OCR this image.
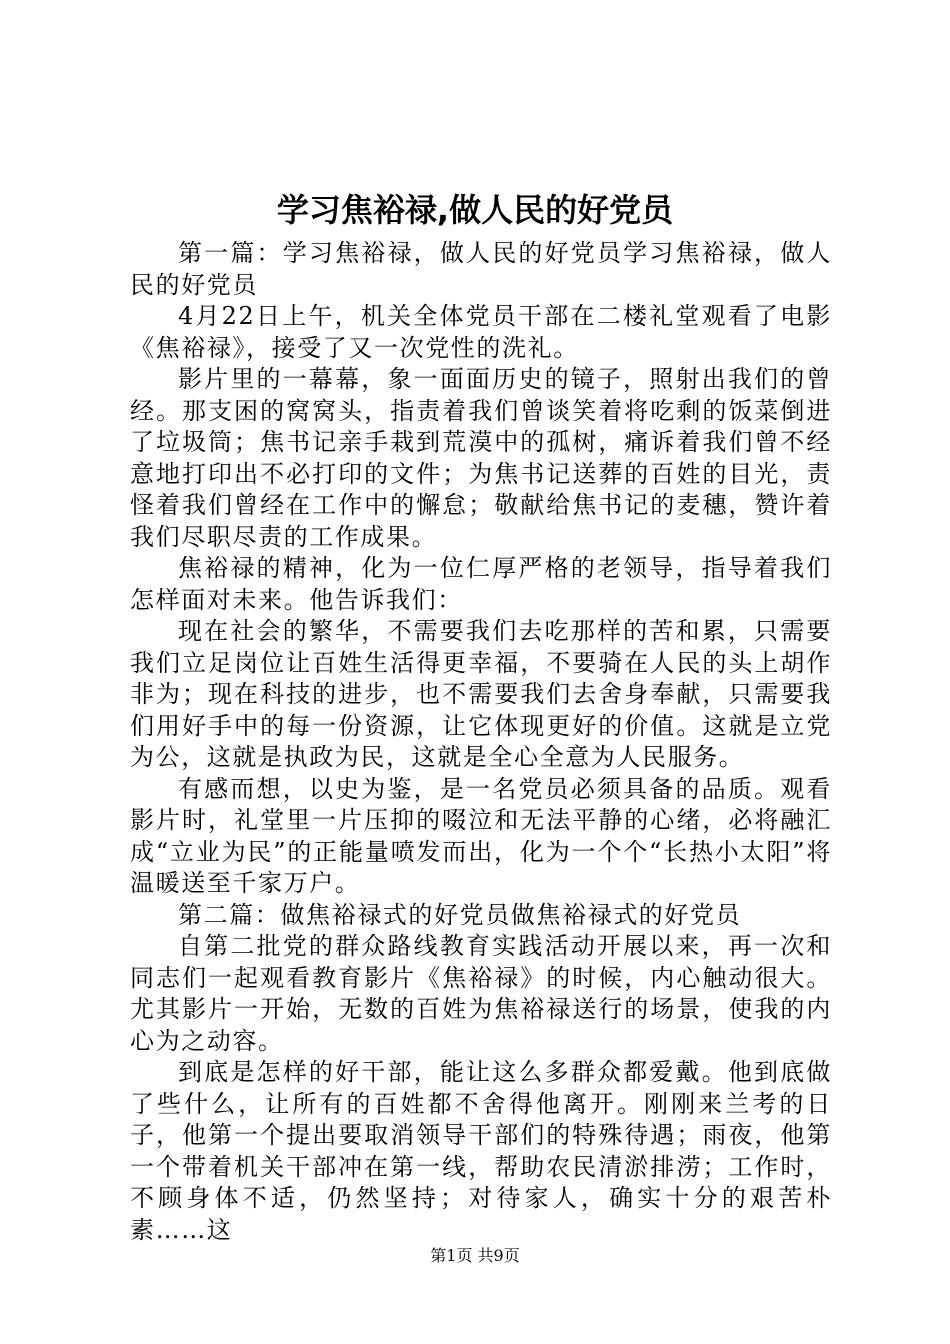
学习焦裕禄,做人民的好党员

第一篇：学习焦裕禄，做人民的好党员学习焦裕禄，做人民的好党员

4月22日上午，机关全体党员干部在二楼礼堂观看了电影《焦裕禄》，接受了又一次党性的洗礼。

影片里的一幕幕，象一面面历史的镜子，照射出我们的曾经。那支困的窝窝头，指责着我们曾谈笑着将吃剩的饭菜倒进了垃圾筒；焦书记亲手栽到荒漠中的孤树，痛诉着我们曾不经意地打印出不必打印的文件；为焦书记送葬的百姓的目光，责怪着我们曾经在工作中的懈怠；敬献给焦书记的麦穗，赞许着我们尽职尽责的工作成果。

焦裕禄的精神，化为一位仁厚严格的老领导，指导着我们怎样面对未来。他告诉我们：

现在社会的繁华，不需要我们去吃那样的苦和累，只需要我们立足岗位让百姓生活得更幸福，不要骑在人民的头上胡作非为；现在科技的进步，也不需要我们去舍身奉献，只需要我们用好手中的每一份资源，让它体现更好的价值。这就是立党为公，这就是执政为民，这就是全心全意为人民服务。

有感而想，以史为鉴，是一名党员必须具备的品质。观看影片时，礼堂里一片压抑的啜泣和无法平静的心绪，必将融汇成“立业为民”的正能量喷发而出，化为一个个“长热小太阳”将温暖送至千家万户。

第二篇：做焦裕禄式的好党员做焦裕禄式的好党员

自第二批党的群众路线教育实践活动开展以来，再一次和同志们一起观看教育影片《焦裕禄》的时候，内心触动很大。尤其影片一开始，无数的百姓为焦裕禄送行的场景，使我的内心为之动容。

到底是怎样的好干部，能让这么多群众都爱戴。他到底做了些什么，让所有的百姓都不舍得他离开。刚刚来兰考的日子，他第一个提出要取消领导干部们的特殊待遇；雨夜，他第一个带着机关干部冲在第一线，帮助农民清淤排涝；工作时，不顾身体不适，仍然坚持；对待家人，确实十分的艰苦朴素……这

第1页 共9页
